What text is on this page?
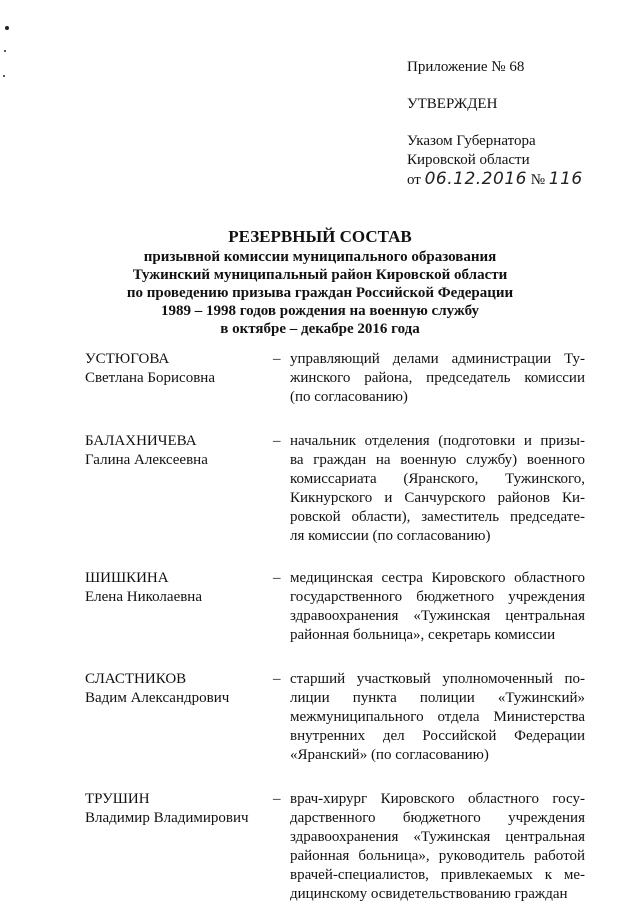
Приложение № 68
УТВЕРЖДЕН
Указом Губернатора
Кировской области
от 06.12.2016 № 116
РЕЗЕРВНЫЙ СОСТАВ
призывной комиссии муниципального образования
Тужинский муниципальный район Кировской области
по проведению призыва граждан Российской Федерации
1989 – 1998 годов рождения на военную службу
в октябре – декабре 2016 года
УСТЮГОВА
Светлана Борисовна
– управляющий делами администрации Ту-
жинского района, председатель комиссии
(по согласованию)
БАЛАХНИЧЕВА
Галина Алексеевна
– начальник отделения (подготовки и призы-
ва граждан на военную службу) военного
комиссариата (Яранского, Тужинского,
Кикнурского и Санчурского районов Ки-
ровской области), заместитель председате-
ля комиссии (по согласованию)
ШИШКИНА
Елена Николаевна
– медицинская сестра Кировского областного
государственного бюджетного учреждения
здравоохранения «Тужинская центральная
районная больница», секретарь комиссии
СЛАСТНИКОВ
Вадим Александрович
– старший участковый уполномоченный по-
лиции пункта полиции «Тужинский»
межмуниципального отдела Министерства
внутренних дел Российской Федерации
«Яранский» (по согласованию)
ТРУШИН
Владимир Владимирович
– врач-хирург Кировского областного госу-
дарственного бюджетного учреждения
здравоохранения «Тужинская центральная
районная больница», руководитель работой
врачей-специалистов, привлекаемых к ме-
дицинскому освидетельствованию граждан
